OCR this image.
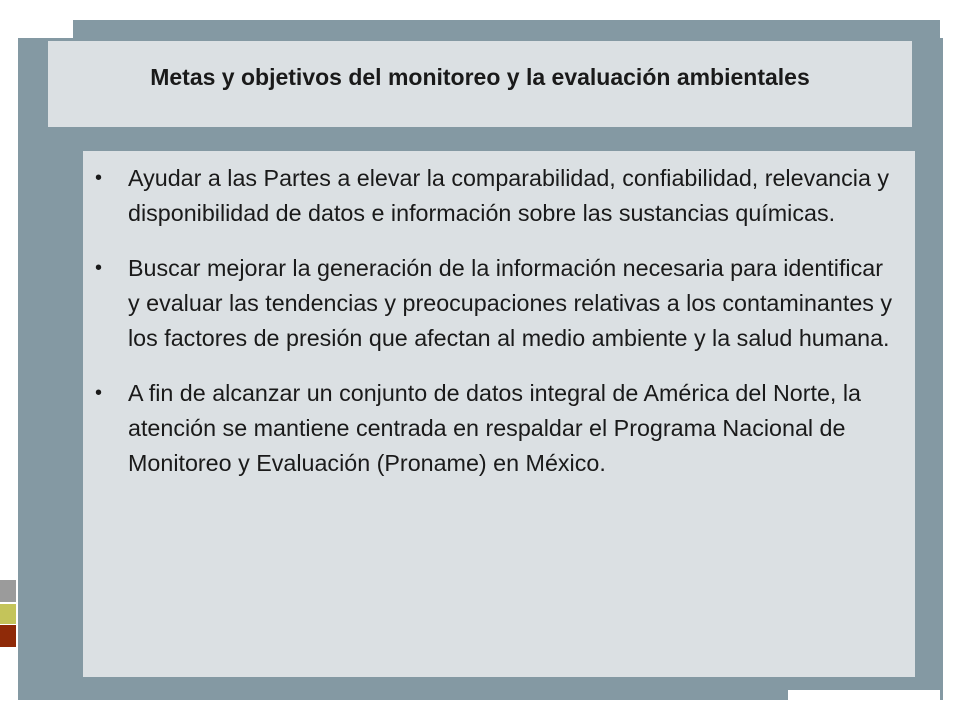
Metas y objetivos del monitoreo y la evaluación ambientales
•	Ayudar a las Partes a elevar la comparabilidad, confiabilidad, relevancia y disponibilidad de datos e información sobre las sustancias químicas.
•	Buscar mejorar la generación de la información necesaria para identificar y evaluar las tendencias y preocupaciones relativas a los contaminantes y los factores de presión que afectan al medio ambiente y la salud humana.
•	A fin de alcanzar un conjunto de datos integral de América del Norte, la atención se mantiene centrada en respaldar el Programa Nacional de Monitoreo y Evaluación (Proname) en México.
